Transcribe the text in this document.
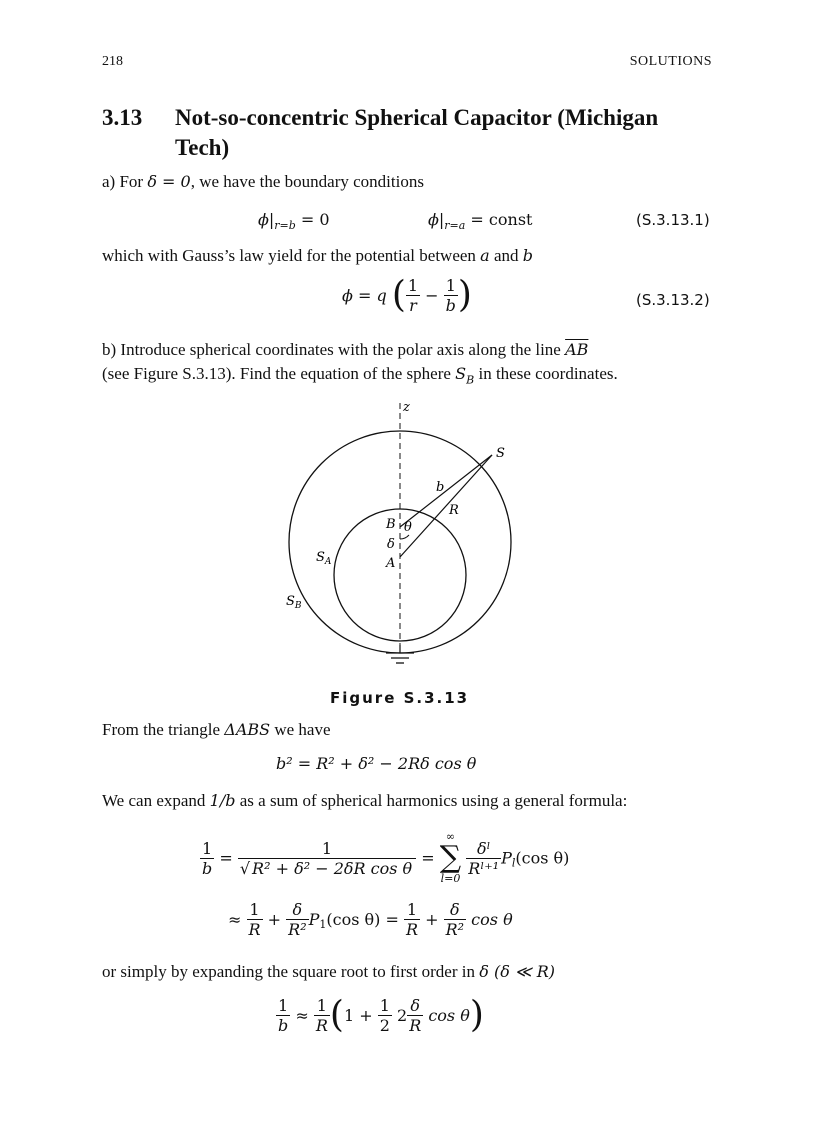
218	SOLUTIONS
3.13 Not-so-concentric Spherical Capacitor (Michigan
Tech)
a) For δ = 0, we have the boundary conditions
$\phi|_{r=b} = 0$	$\phi|_{r=a}$ = const	(S.3.13.1)
which with Gauss’s law yield for the potential between a and b
ϕ = q ( $\frac{1}{r} - \frac{1}{b}$ )	(S.3.13.2)
b) Introduce spherical coordinates with the polar axis along the line $\overline{AB}$
(see Figure S.3.13). Find the equation of the sphere $S_B$ in these coordinates.
z
S
b
R
B θ
δ
A
$S_A$
$S_B$
Figure S.3.13
From the triangle ΔABS we have
b² = R² + δ² − 2Rδ cos θ
We can expand 1/b as a sum of spherical harmonics using a general formula:
$\frac{1}{b} = \frac{1}{\text{√ R² + δ² − 2δR cos θ}}$ =
∞
∑
l=0

$\frac{\text{δˡ}}{\text{Rˡ⁺¹}} P_l(\cos$ θ)
≈ $\frac{1}{R} + \frac{\delta}{\text{R²}} P_1(\cos$ $\theta) = \frac{1}{R} + \frac{\delta}{\text{R²}}$ cos θ
or simply by expanding the square root to first order in δ (δ ≪ R)
$\frac{1}{b} \approx \frac{1}{R} (1 + \frac{1}{2} 2 \frac{\delta}{R}$ cos θ)
